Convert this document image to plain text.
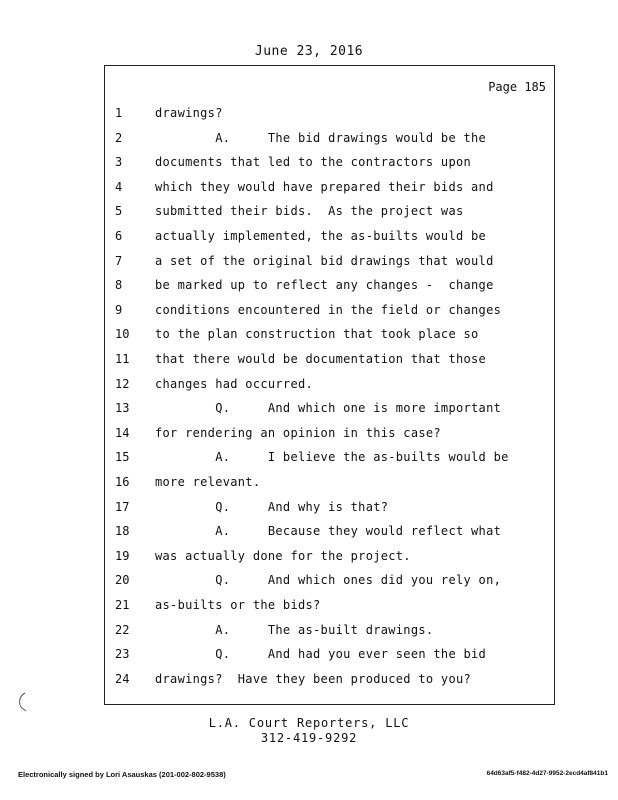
June 23, 2016
Page 185
1	drawings?
2	A.     The bid drawings would be the
3	documents that led to the contractors upon
4	which they would have prepared their bids and
5	submitted their bids.  As the project was
6	actually implemented, the as-builts would be
7	a set of the original bid drawings that would
8	be marked up to reflect any changes -  change
9	conditions encountered in the field or changes
10	to the plan construction that took place so
11	that there would be documentation that those
12	changes had occurred.
13	Q.     And which one is more important
14	for rendering an opinion in this case?
15	A.     I believe the as-builts would be
16	more relevant.
17	Q.     And why is that?
18	A.     Because they would reflect what
19	was actually done for the project.
20	Q.     And which ones did you rely on,
21	as-builts or the bids?
22	A.     The as-built drawings.
23	Q.     And had you ever seen the bid
24	drawings?  Have they been produced to you?
L.A. Court Reporters, LLC
312-419-9292
Electronically signed by Lori Asauskas (201-002-802-9538)	64d63af5-f482-4d27-9952-2ecd4af841b1
